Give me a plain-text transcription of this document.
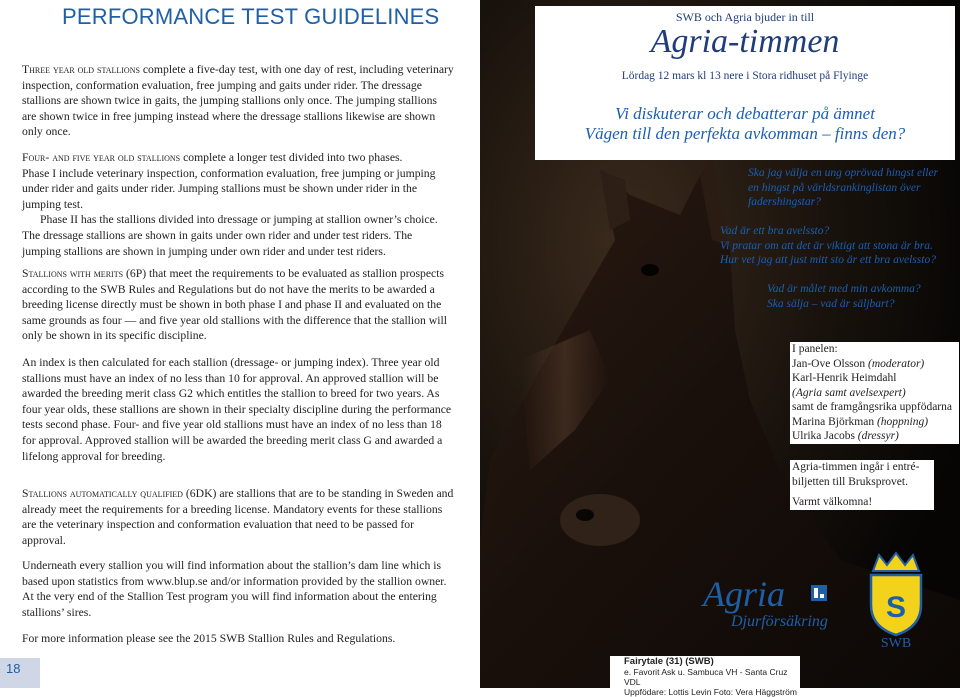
PERFORMANCE TEST GUIDELINES

Three year old stallions complete a five-day test, with one day of rest, including veterinary inspection, conformation evaluation, free jumping and gaits under rider. The dressage stallions are shown twice in gaits, the jumping stallions only once. The jumping stallions are shown twice in free jumping instead where the dressage stallions likewise are shown only once.

Four- and five year old stallions complete a longer test divided into two phases.
Phase I include veterinary inspection, conformation evaluation, free jumping or jumping under rider and gaits under rider. Jumping stallions must be shown under rider in the jumping test.
Phase II has the stallions divided into dressage or jumping at stallion owner’s choice. The dressage stallions are shown in gaits under own rider and under test riders. The jumping stallions are shown in jumping under own rider and under test riders.

Stallions with merits (6P) that meet the requirements to be evaluated as stallion prospects according to the SWB Rules and Regulations but do not have the merits to be awarded a breeding license directly must be shown in both phase I and phase II and evaluated on the same grounds as four — and five year old stallions with the difference that the stallion will only be shown in its specific discipline.

An index is then calculated for each stallion (dressage- or jumping index). Three year old stallions must have an index of no less than 10 for approval. An approved stallion will be awarded the breeding merit class G2 which entitles the stallion to breed for two years. As four year olds, these stallions are shown in their specialty discipline during the performance tests second phase. Four- and five year old stallions must have an index of no less than 18 for approval. Approved stallion will be awarded the breeding merit class G and awarded a lifelong approval for breeding.

Stallions automatically qualified (6DK) are stallions that are to be standing in Sweden and already meet the requirements for a breeding license. Mandatory events for these stallions are the veterinary inspection and conformation evaluation that need to be passed for approval.

Underneath every stallion you will find information about the stallion’s dam line which is based upon statistics from www.blup.se and/or information provided by the stallion owner. At the very end of the Stallion Test program you will find information about the entering stallions’ sires.

For more information please see the 2015 SWB Stallion Rules and Regulations.

18
SWB och Agria bjuder in till
Agria-timmen
Lördag 12 mars kl 13 nere i Stora ridhuset på Flyinge
Vi diskuterar och debatterar på ämnet
Vägen till den perfekta avkomman – finns den?

Ska jag välja en ung oprövad hingst eller en hingst på världsrankinglistan över fadershingstar?

Vad är ett bra avelssto?
Vi pratar om att det är viktigt att stona är bra.
Hur vet jag att just mitt sto är ett bra avelssto?
Vad är målet med min avkomma?
Ska sälja – vad är säljbart?
I panelen:
Jan-Ove Olsson (moderator)
Karl-Henrik Heimdahl
(Agria samt avelsexpert)
samt de framgångsrika uppfödarna
Marina Björkman (hoppning)
Ulrika Jacobs (dressyr)
Agria-timmen ingår i entré-
biljetten till Bruksprovet.
Varmt välkomna!
Agria
Djurförsäkring S
SWB
Fairytale (31) (SWB)
e. Favorit Ask u. Sambuca VH - Santa Cruz VDL
Uppfödare: Lottis Levin Foto: Vera Häggström
